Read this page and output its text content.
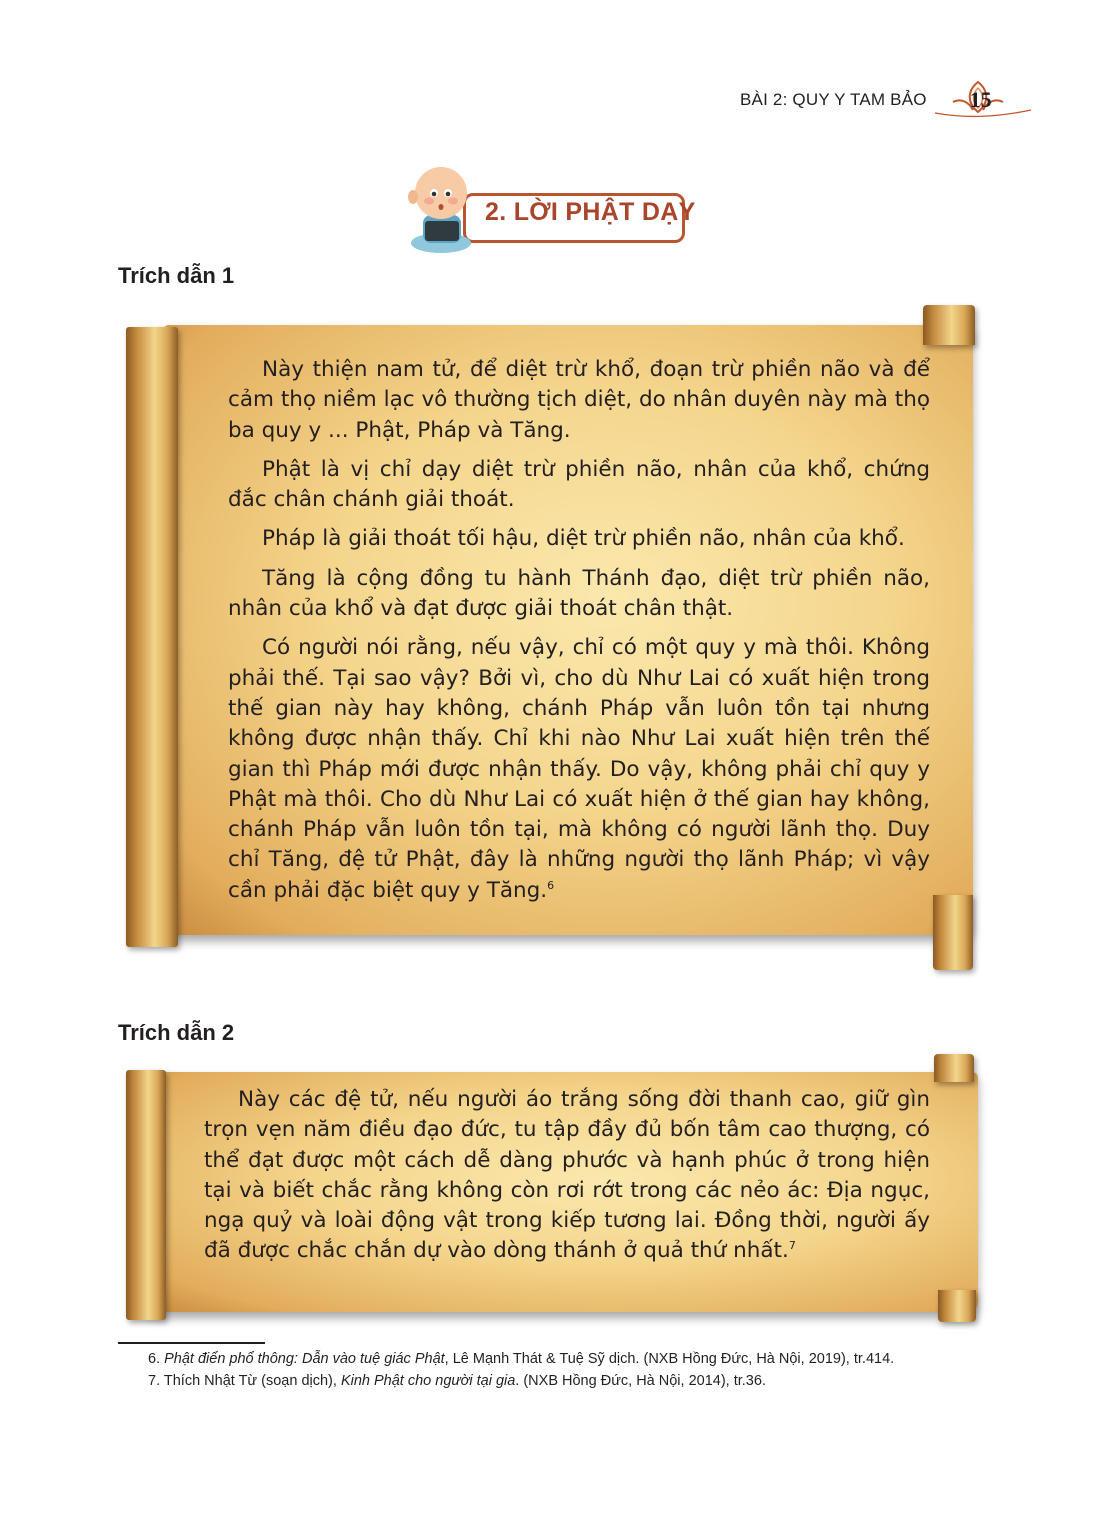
BÀI 2: QUY Y TAM BẢO 15
2. LỜI PHẬT DẠY
Trích dẫn 1

Này thiện nam tử, để diệt trừ khổ, đoạn trừ phiền não và để cảm thọ niềm lạc vô thường tịch diệt, do nhân duyên này mà thọ ba quy y ... Phật, Pháp và Tăng.

Phật là vị chỉ dạy diệt trừ phiền não, nhân của khổ, chứng đắc chân chánh giải thoát.

Pháp là giải thoát tối hậu, diệt trừ phiền não, nhân của khổ.

Tăng là cộng đồng tu hành Thánh đạo, diệt trừ phiền não, nhân của khổ và đạt được giải thoát chân thật.

Có người nói rằng, nếu vậy, chỉ có một quy y mà thôi. Không phải thế. Tại sao vậy? Bởi vì, cho dù Như Lai có xuất hiện trong thế gian này hay không, chánh Pháp vẫn luôn tồn tại nhưng không được nhận thấy. Chỉ khi nào Như Lai xuất hiện trên thế gian thì Pháp mới được nhận thấy. Do vậy, không phải chỉ quy y Phật mà thôi. Cho dù Như Lai có xuất hiện ở thế gian hay không, chánh Pháp vẫn luôn tồn tại, mà không có người lãnh thọ. Duy chỉ Tăng, đệ tử Phật, đây là những người thọ lãnh Pháp; vì vậy cần phải đặc biệt quy y Tăng.$^6$

Trích dẫn 2

Này các đệ tử, nếu người áo trắng sống đời thanh cao, giữ gìn trọn vẹn năm điều đạo đức, tu tập đầy đủ bốn tâm cao thượng, có thể đạt được một cách dễ dàng phước và hạnh phúc ở trong hiện tại và biết chắc rằng không còn rơi rớt trong các nẻo ác: Địa ngục, ngạ quỷ và loài động vật trong kiếp tương lai. Đồng thời, người ấy đã được chắc chắn dự vào dòng thánh ở quả thứ nhất.$^7$

6. Phật điển phổ thông: Dẫn vào tuệ giác Phật, Lê Mạnh Thát & Tuệ Sỹ dịch. (NXB Hồng Đức, Hà Nội, 2019), tr.414.

7. Thích Nhật Từ (soạn dịch), Kinh Phật cho người tại gia. (NXB Hồng Đức, Hà Nội, 2014), tr.36.
